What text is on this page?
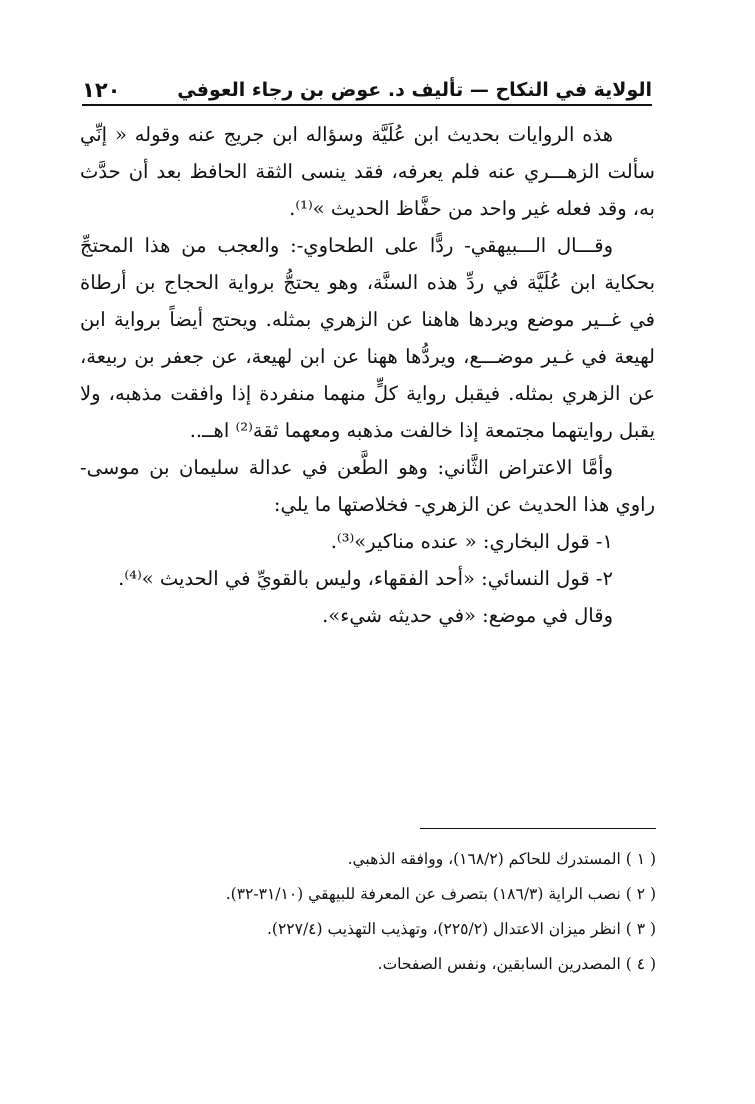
الولاية في النكاح — تأليف د. عوض بن رجاء العوفي
١٢٠

هذه الروايات بحديث ابن عُلَيَّة وسؤاله ابن جريج عنه وقوله « إنِّي سألت الزهـــري عنه فلم يعرفه، فقد ينسى الثقة الحافظ بعد أن حدَّث به، وقد فعله غير واحد من حفَّاظ الحديث »⁽¹⁾.

وقـــال الـــبيهقي- ردًّا على الطحاوي-: والعجب من هذا المحتجِّ بحكاية ابن عُلَيَّة في ردِّ هذه السنَّة، وهو يحتجُّ برواية الحجاج بن أرطاة في غــير موضع ويردها هاهنا عن الزهري بمثله. ويحتج أيضاً برواية ابن لهيعة في غـير موضـــع، ويردُّها ههنا عن ابن لهيعة، عن جعفر بن ربيعة، عن الزهري بمثله. فيقبل رواية كلٍّ منهما منفردة إذا وافقت مذهبه، ولا يقبل روايتهما مجتمعة إذا خالفت مذهبه ومعهما ثقة⁽²⁾ اهــ..

وأمَّا الاعتراض الثَّاني: وهو الطَّعن في عدالة سليمان بن موسى- راوي هذا الحديث عن الزهري- فخلاصتها ما يلي:

١- قول البخاري: « عنده مناكير»⁽³⁾.

٢- قول النسائي: «أحد الفقهاء، وليس بالقويِّ في الحديث »⁽⁴⁾.

وقال في موضع: «في حديثه شيء».

( ١ ) المستدرك للحاكم (١٦٨/٢)، ووافقه الذهبي.

( ٢ ) نصب الراية (١٨٦/٣) بتصرف عن المعرفة للبيهقي (٣١/١٠-٣٢).

( ٣ ) انظر ميزان الاعتدال (٢٢٥/٢)، وتهذيب التهذيب (٢٢٧/٤).

( ٤ ) المصدرين السابقين، ونفس الصفحات.
